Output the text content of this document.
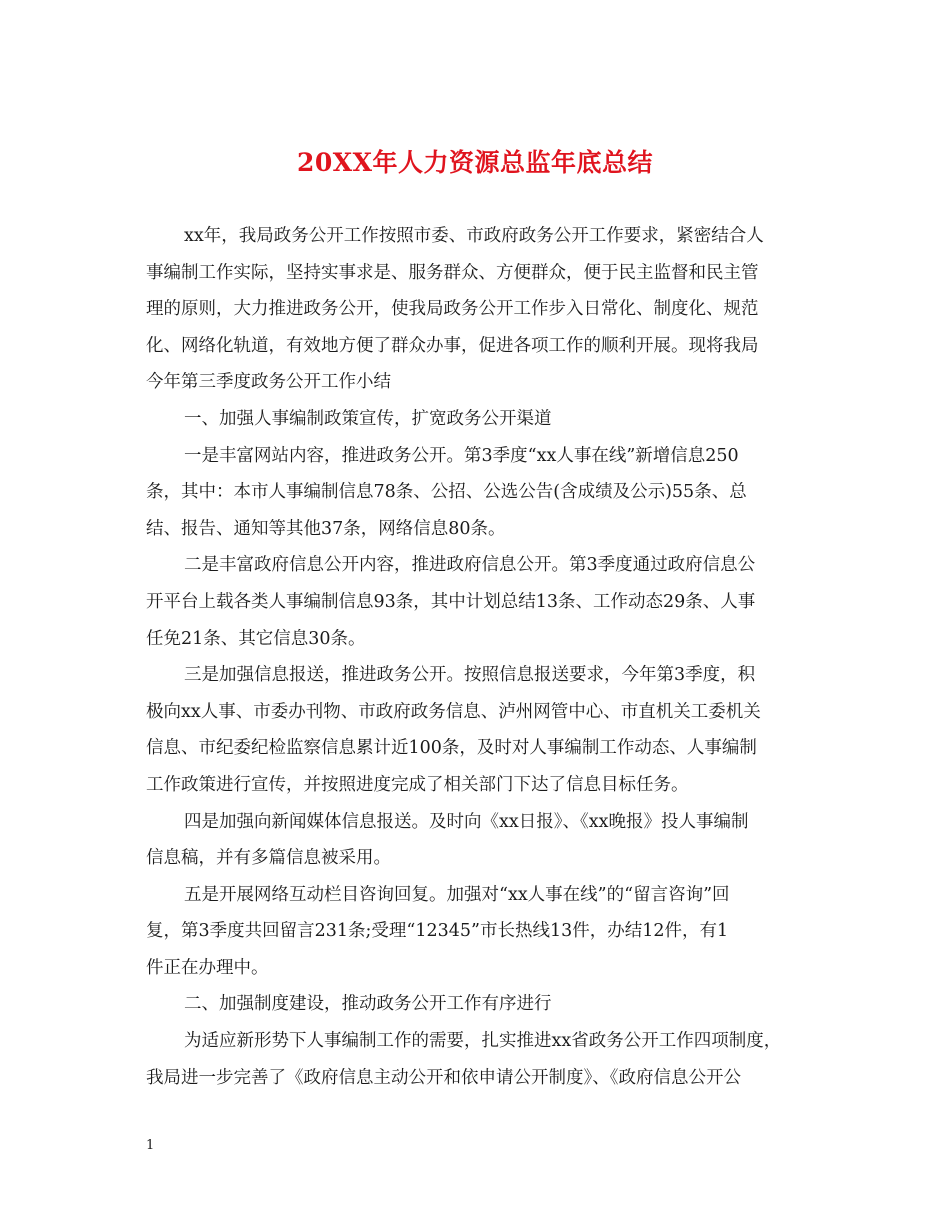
20XX年人力资源总监年底总结
xx年，我局政务公开工作按照市委、市政府政务公开工作要求，紧密结合人
事编制工作实际，坚持实事求是、服务群众、方便群众，便于民主监督和民主管
理的原则，大力推进政务公开，使我局政务公开工作步入日常化、制度化、规范
化、网络化轨道，有效地方便了群众办事，促进各项工作的顺利开展。现将我局
今年第三季度政务公开工作小结
一、加强人事编制政策宣传，扩宽政务公开渠道
一是丰富网站内容，推进政务公开。第3季度“xx人事在线”新增信息250
条，其中：本市人事编制信息78条、公招、公选公告(含成绩及公示)55条、总
结、报告、通知等其他37条，网络信息80条。
二是丰富政府信息公开内容，推进政府信息公开。第3季度通过政府信息公
开平台上载各类人事编制信息93条，其中计划总结13条、工作动态29条、人事
任免21条、其它信息30条。
三是加强信息报送，推进政务公开。按照信息报送要求，今年第3季度，积
极向xx人事、市委办刊物、市政府政务信息、泸州网管中心、市直机关工委机关
信息、市纪委纪检监察信息累计近100条，及时对人事编制工作动态、人事编制
工作政策进行宣传，并按照进度完成了相关部门下达了信息目标任务。
四是加强向新闻媒体信息报送。及时向《xx日报》、《xx晚报》投人事编制
信息稿，并有多篇信息被采用。
五是开展网络互动栏目咨询回复。加强对“xx人事在线”的“留言咨询”回
复，第3季度共回留言231条;受理“12345”市长热线13件，办结12件，有1
件正在办理中。
二、加强制度建设，推动政务公开工作有序进行
为适应新形势下人事编制工作的需要，扎实推进xx省政务公开工作四项制度，
我局进一步完善了《政府信息主动公开和依申请公开制度》、《政府信息公开公
1
